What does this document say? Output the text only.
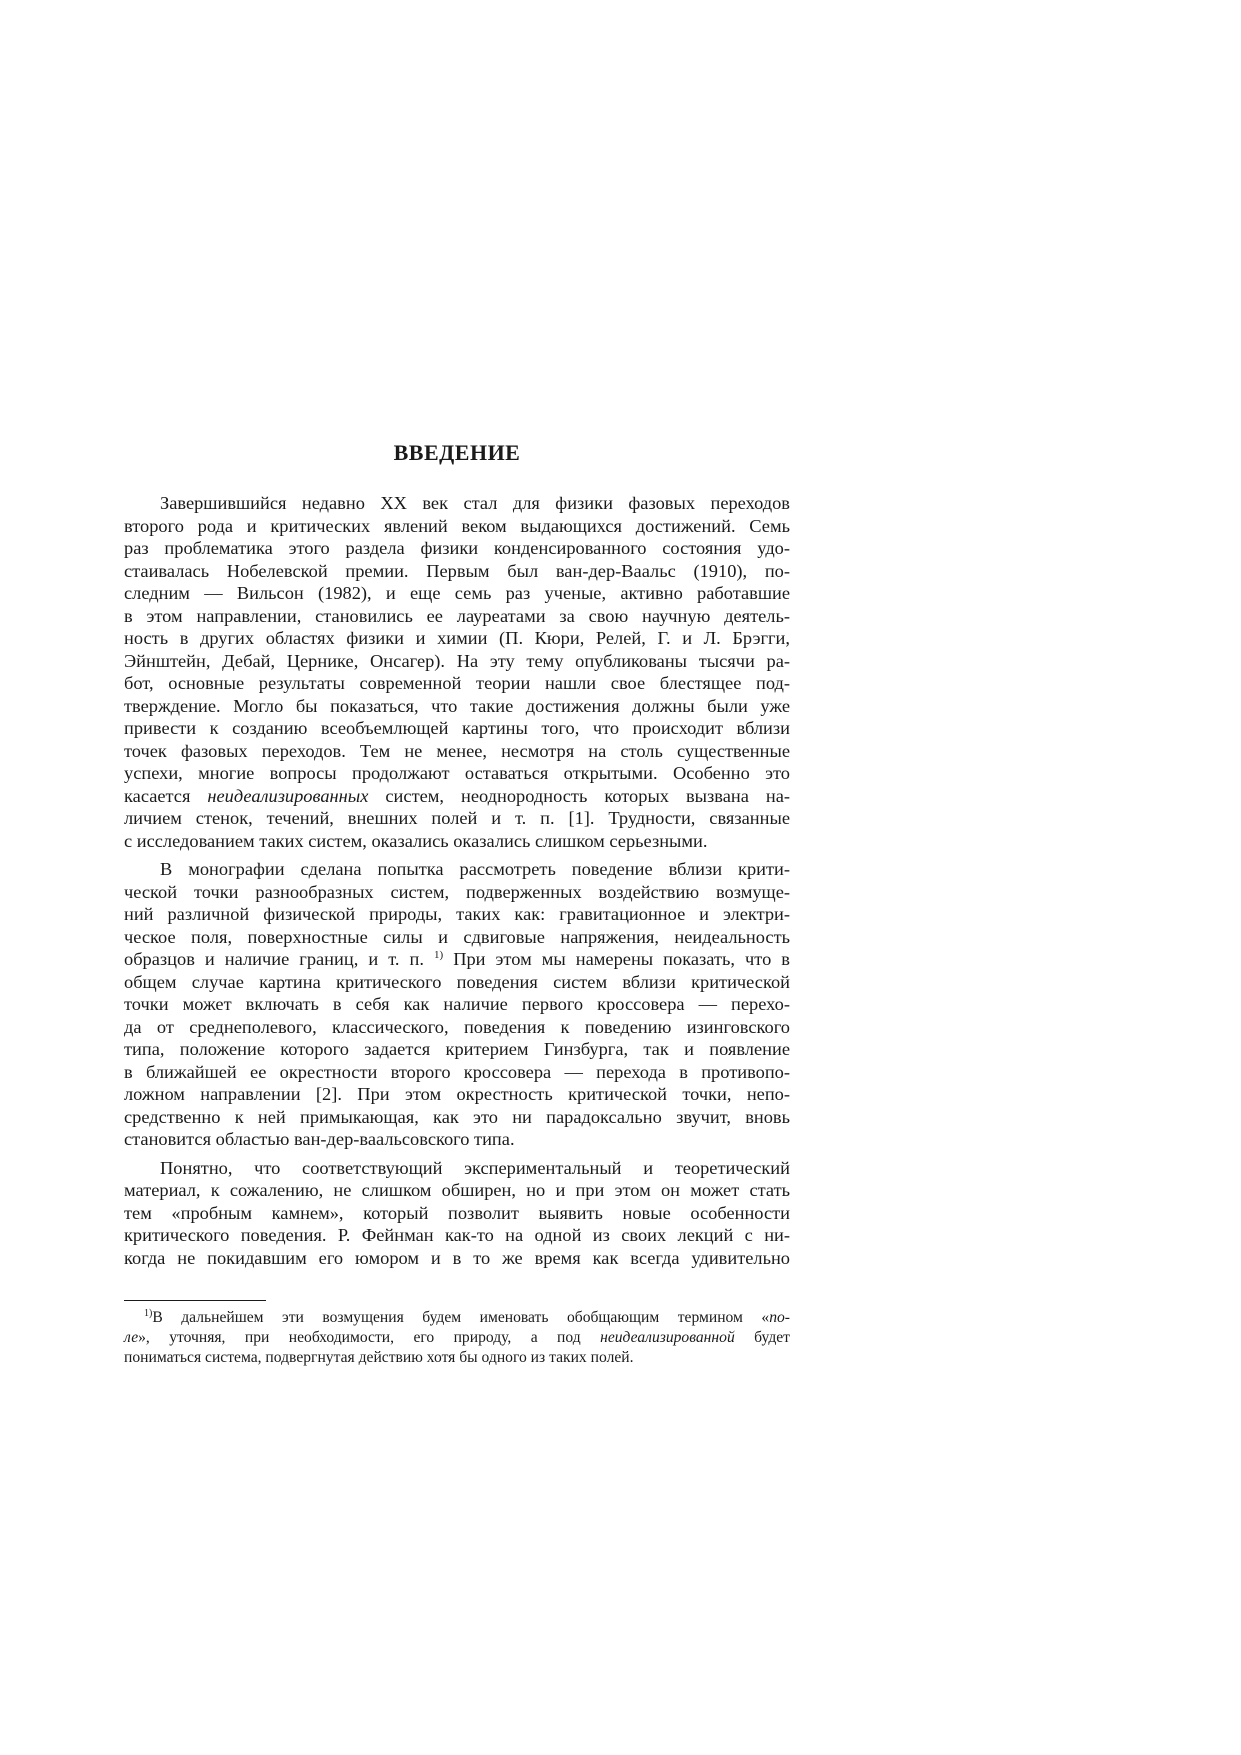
ВВЕДЕНИЕ
Завершившийся недавно XX век стал для физики фазовых переходов
второго рода и критических явлений веком выдающихся достижений. Семь
раз проблематика этого раздела физики конденсированного состояния удо-
стаивалась Нобелевской премии. Первым был ван-дер-Ваальс (1910), по-
следним — Вильсон (1982), и еще семь раз ученые, активно работавшие
в этом направлении, становились ее лауреатами за свою научную деятель-
ность в других областях физики и химии (П. Кюри, Релей, Г. и Л. Брэгги,
Эйнштейн, Дебай, Цернике, Онсагер). На эту тему опубликованы тысячи ра-
бот, основные результаты современной теории нашли свое блестящее под-
тверждение. Могло бы показаться, что такие достижения должны были уже
привести к созданию всеобъемлющей картины того, что происходит вблизи
точек фазовых переходов. Тем не менее, несмотря на столь существенные
успехи, многие вопросы продолжают оставаться открытыми. Особенно это
касается неидеализированных систем, неоднородность которых вызвана на-
личием стенок, течений, внешних полей и т. п. [1]. Трудности, связанные
с исследованием таких систем, оказались оказались слишком серьезными.
В монографии сделана попытка рассмотреть поведение вблизи крити-
ческой точки разнообразных систем, подверженных воздействию возмуще-
ний различной физической природы, таких как: гравитационное и электри-
ческое поля, поверхностные силы и сдвиговые напряжения, неидеальность
образцов и наличие границ, и т. п. $^{1)}$ При этом мы намерены показать, что в
общем случае картина критического поведения систем вблизи критической
точки может включать в себя как наличие первого кроссовера — перехо-
да от среднеполевого, классического, поведения к поведению изинговского
типа, положение которого задается критерием Гинзбурга, так и появление
в ближайшей ее окрестности второго кроссовера — перехода в противопо-
ложном направлении [2]. При этом окрестность критической точки, непо-
средственно к ней примыкающая, как это ни парадоксально звучит, вновь
становится областью ван-дер-ваальсовского типа.
Понятно, что соответствующий экспериментальный и теоретический
материал, к сожалению, не слишком обширен, но и при этом он может стать
тем «пробным камнем», который позволит выявить новые особенности
критического поведения. Р. Фейнман как-то на одной из своих лекций с ни-
когда не покидавшим его юмором и в то же время как всегда удивительно
$^{1)}$В дальнейшем эти возмущения будем именовать обобщающим термином «по-
ле», уточняя, при необходимости, его природу, а под неидеализированной будет
пониматься система, подвергнутая действию хотя бы одного из таких полей.
